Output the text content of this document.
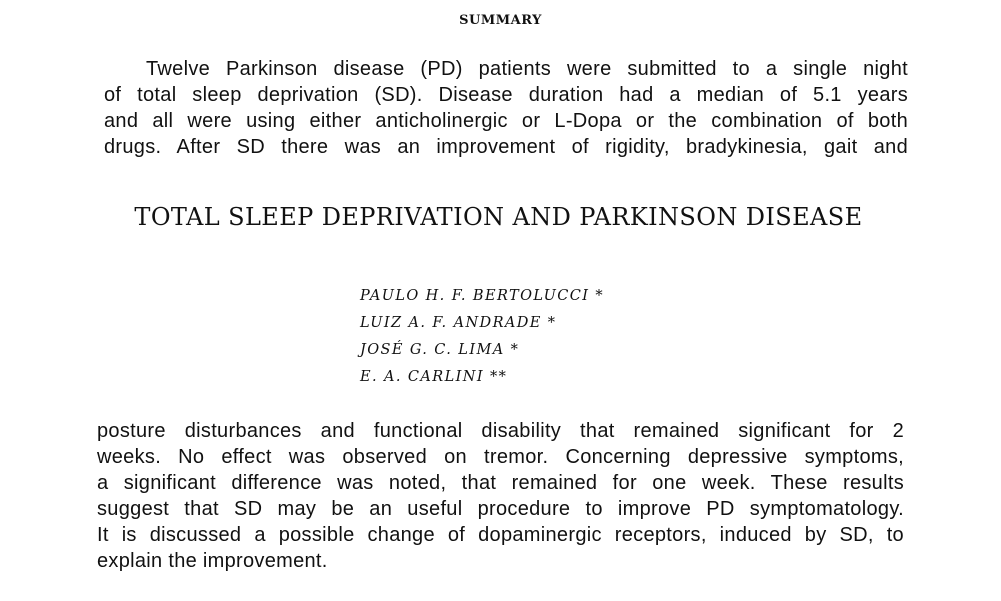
SUMMARY
Twelve Parkinson disease (PD) patients were submitted to a single night
of total sleep deprivation (SD). Disease duration had a median of 5.1 years
and all were using either anticholinergic or L-Dopa or the combination of both
drugs. After SD there was an improvement of rigidity, bradykinesia, gait and
TOTAL SLEEP DEPRIVATION AND PARKINSON DISEASE
PAULO H. F. BERTOLUCCI *
LUIZ A. F. ANDRADE *
JOSÉ G. C. LIMA *
E. A. CARLINI **
posture disturbances and functional disability that remained significant for 2
weeks. No effect was observed on tremor. Concerning depressive symptoms,
a significant difference was noted, that remained for one week. These results
suggest that SD may be an useful procedure to improve PD symptomatology.
It is discussed a possible change of dopaminergic receptors, induced by SD, to
explain the improvement.
